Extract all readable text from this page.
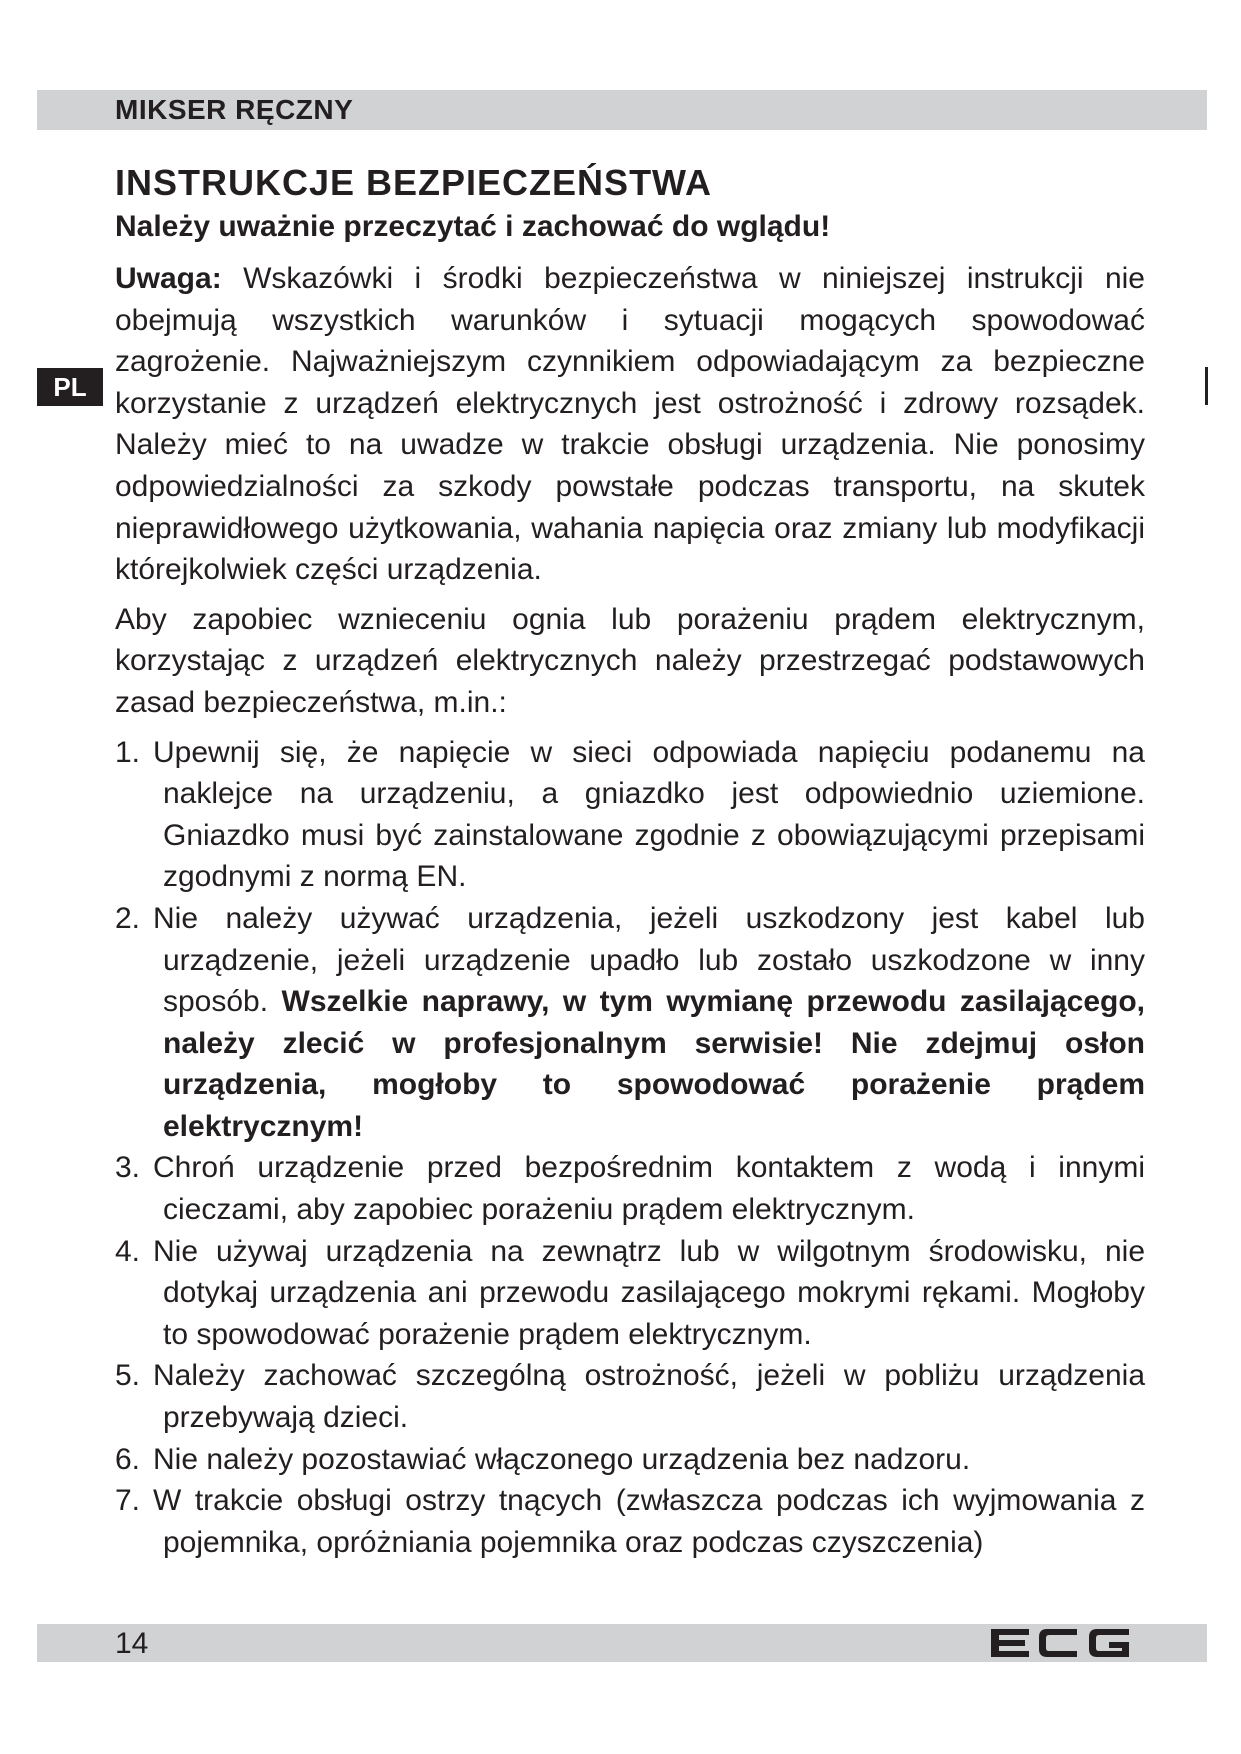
MIKSER RĘCZNY
PL
INSTRUKCJE BEZPIECZEŃSTWA
Należy uważnie przeczytać i zachować do wglądu!

Uwaga: Wskazówki i środki bezpieczeństwa w niniejszej instrukcji nie obejmują wszystkich warunków i sytuacji mogących spowodować zagrożenie. Najważniejszym czynnikiem odpowiadającym za bezpieczne korzystanie z urządzeń elektrycznych jest ostrożność i zdrowy rozsądek. Należy mieć to na uwadze w trakcie obsługi urządzenia. Nie ponosimy odpowiedzialności za szkody powstałe podczas transportu, na skutek nieprawidłowego użytkowania, wahania napięcia oraz zmiany lub modyfikacji którejkolwiek części urządzenia.

Aby zapobiec wznieceniu ognia lub porażeniu prądem elektrycznym, korzystając z urządzeń elektrycznych należy przestrzegać podstawowych zasad bezpieczeństwa, m.in.:

1. Upewnij się, że napięcie w sieci odpowiada napięciu podanemu na naklejce na urządzeniu, a gniazdko jest odpowiednio uziemione. Gniazdko musi być zainstalowane zgodnie z obowiązującymi przepisami zgodnymi z normą EN.
2. Nie należy używać urządzenia, jeżeli uszkodzony jest kabel lub urządzenie, jeżeli urządzenie upadło lub zostało uszkodzone w inny sposób. Wszelkie naprawy, w tym wymianę przewodu zasilającego, należy zlecić w profesjonalnym serwisie! Nie zdejmuj osłon urządzenia, mogłoby to spowodować porażenie prądem elektrycznym!
3. Chroń urządzenie przed bezpośrednim kontaktem z wodą i innymi cieczami, aby zapobiec porażeniu prądem elektrycznym.
4. Nie używaj urządzenia na zewnątrz lub w wilgotnym środowisku, nie dotykaj urządzenia ani przewodu zasilającego mokrymi rękami. Mogłoby to spowodować porażenie prądem elektrycznym.
5. Należy zachować szczególną ostrożność, jeżeli w pobliżu urządzenia przebywają dzieci.
6. Nie należy pozostawiać włączonego urządzenia bez nadzoru.
7. W trakcie obsługi ostrzy tnących (zwłaszcza podczas ich wyjmowania z pojemnika, opróżniania pojemnika oraz podczas czyszczenia)
14
